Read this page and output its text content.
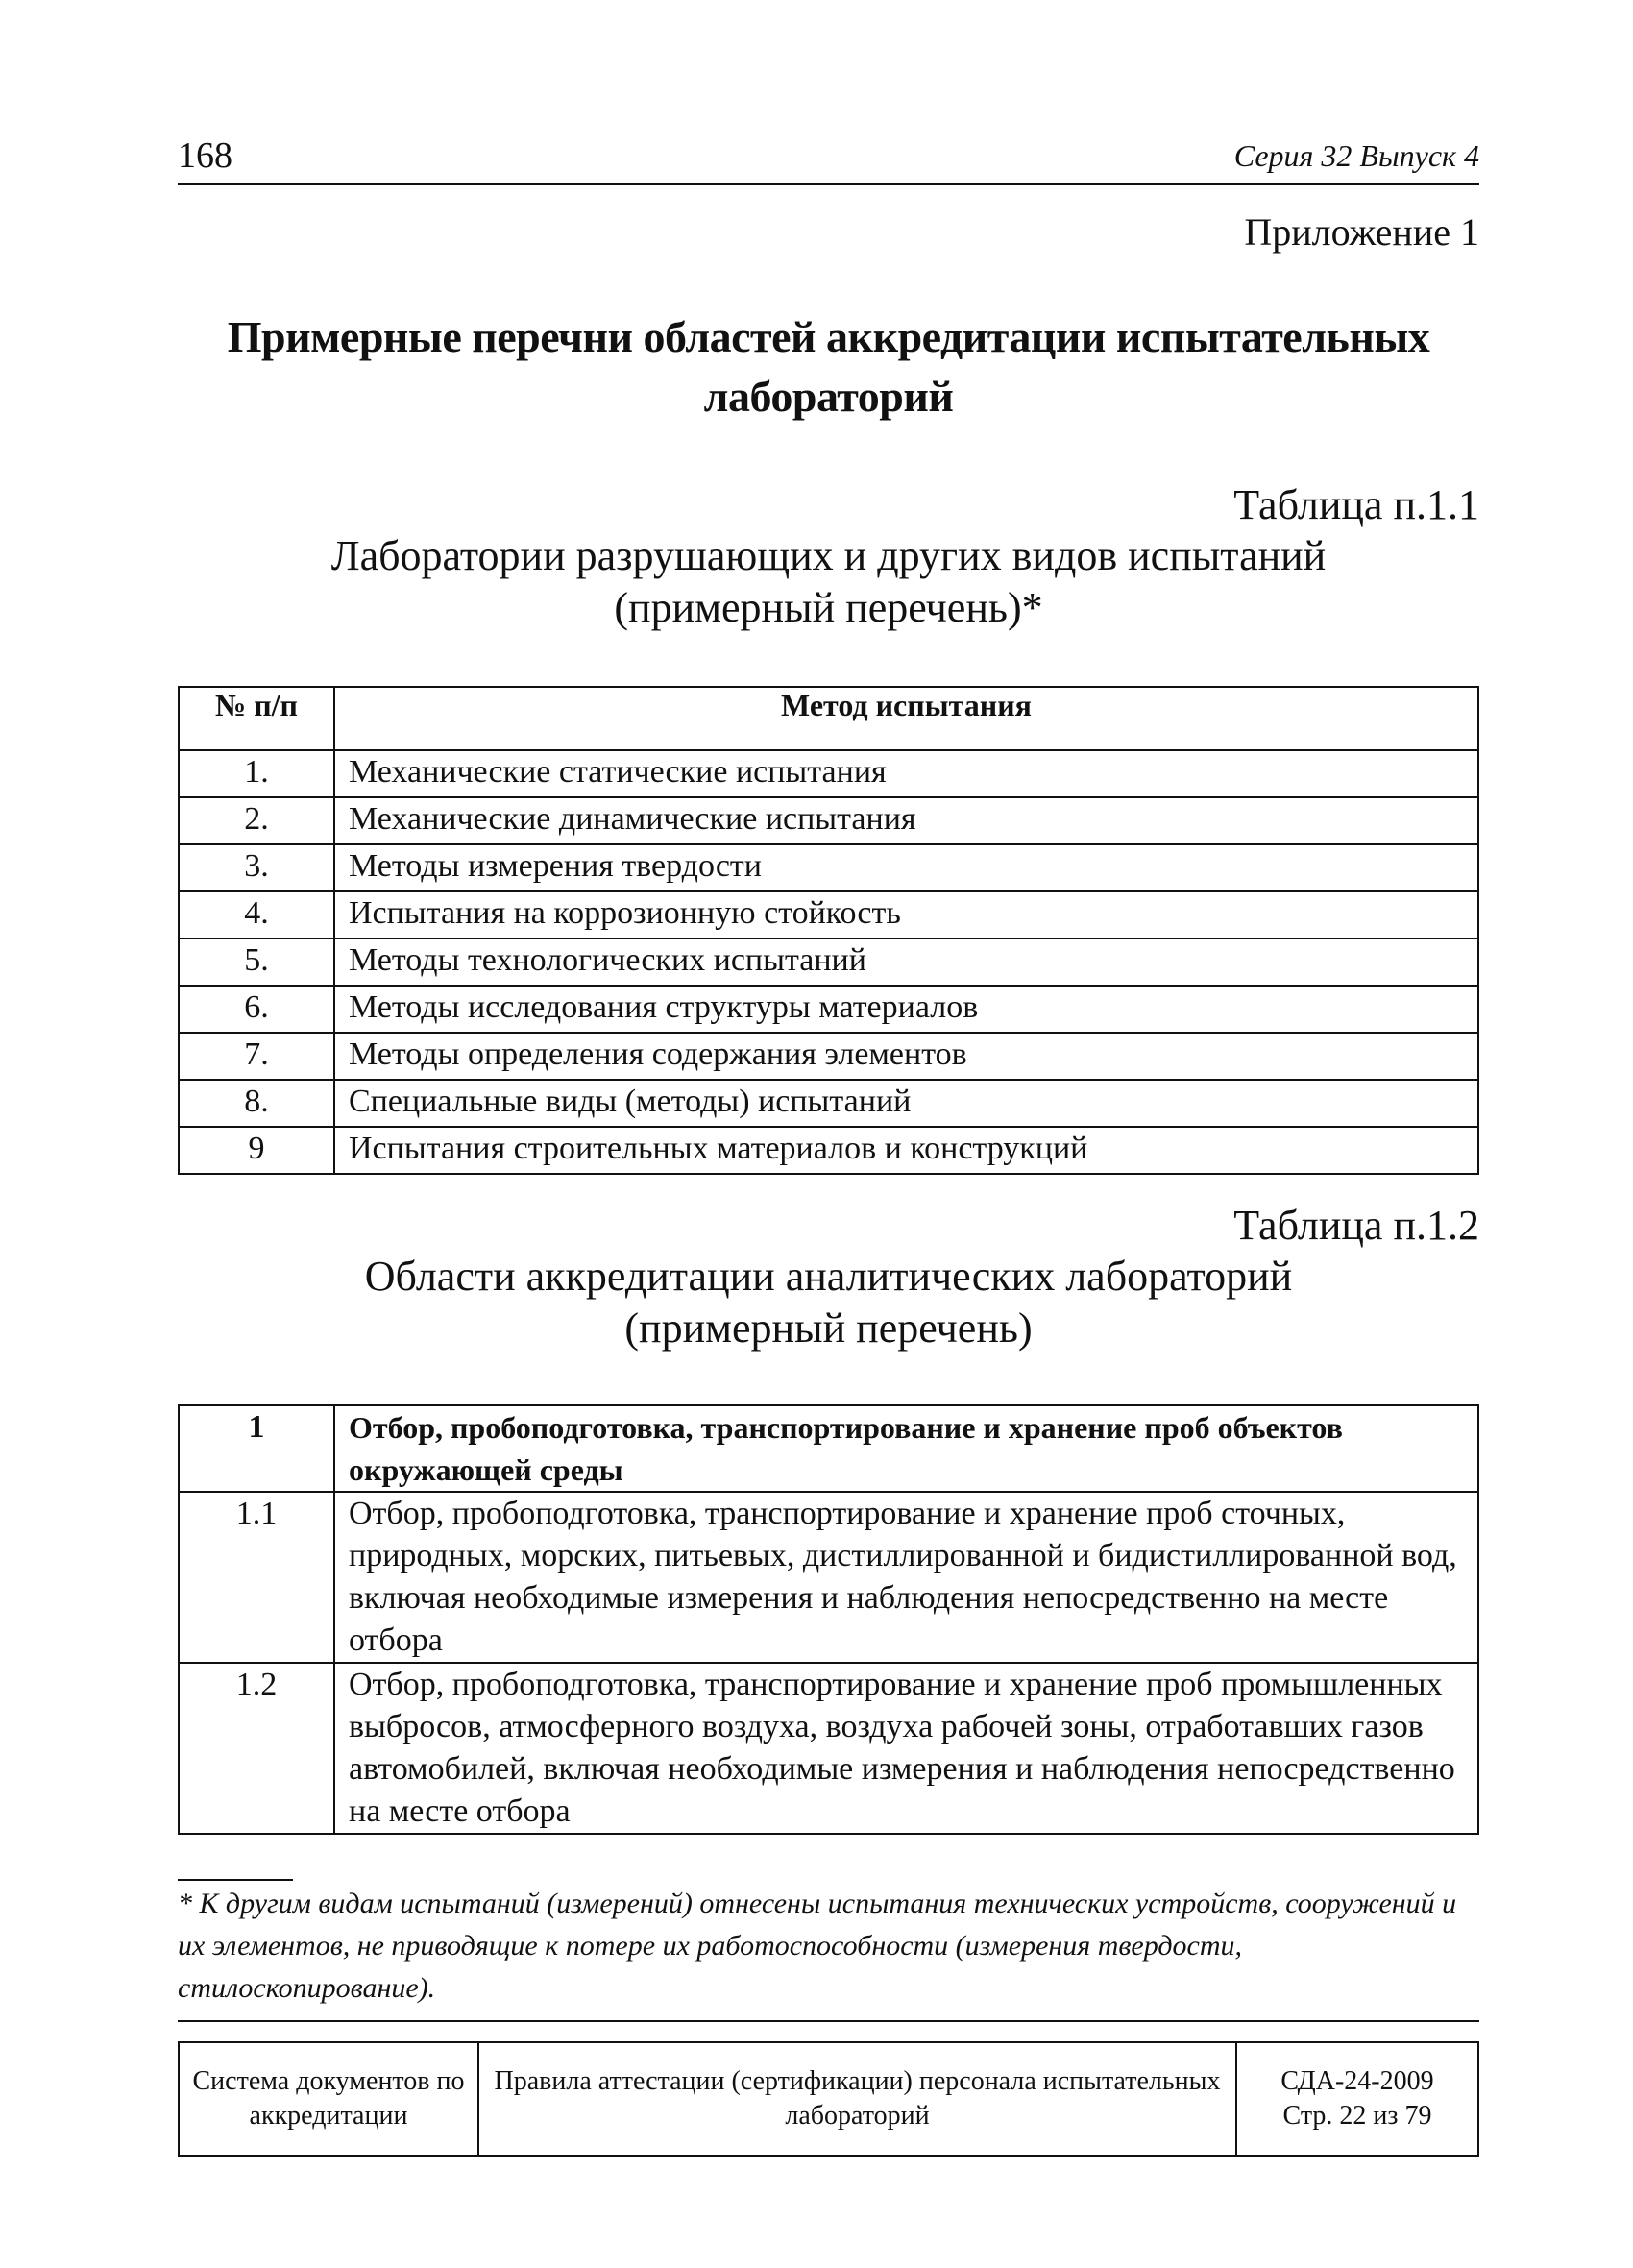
168	Серия 32 Выпуск 4
Приложение 1
Примерные перечни областей аккредитации испытательных
лабораторий
Таблица п.1.1
Лаборатории разрушающих и других видов испытаний
(примерный перечень)*
№ п/п	Метод испытания
1.	Механические статические испытания
2.	Механические динамические испытания
3.	Методы измерения твердости
4.	Испытания на коррозионную стойкость
5.	Методы технологических испытаний
6.	Методы исследования структуры материалов
7.	Методы определения содержания элементов
8.	Специальные виды (методы) испытаний
9	Испытания строительных материалов и конструкций
Таблица п.1.2
Области аккредитации аналитических лабораторий
(примерный перечень)
1	Отбор, пробоподготовка, транспортирование и хранение проб объектов окружающей среды
1.1	Отбор, пробоподготовка, транспортирование и хранение проб сточных, природных, морских, питьевых, дистиллированной и бидистиллированной вод, включая необходимые измерения и наблюдения непосредственно на месте отбора
1.2	Отбор, пробоподготовка, транспортирование и хранение проб промышленных выбросов, атмосферного воздуха, воздуха рабочей зоны, отработавших газов автомобилей, включая необходимые измерения и наблюдения непосредственно на месте отбора
* К другим видам испытаний (измерений) отнесены испытания технических устройств, сооружений и их элементов, не приводящие к потере их работоспособности (измерения твердости, стилоскопирование).
Система документов по аккредитации	Правила аттестации (сертификации) персонала испытательных лабораторий	
СДА-24-2009
Стр. 22 из 79
